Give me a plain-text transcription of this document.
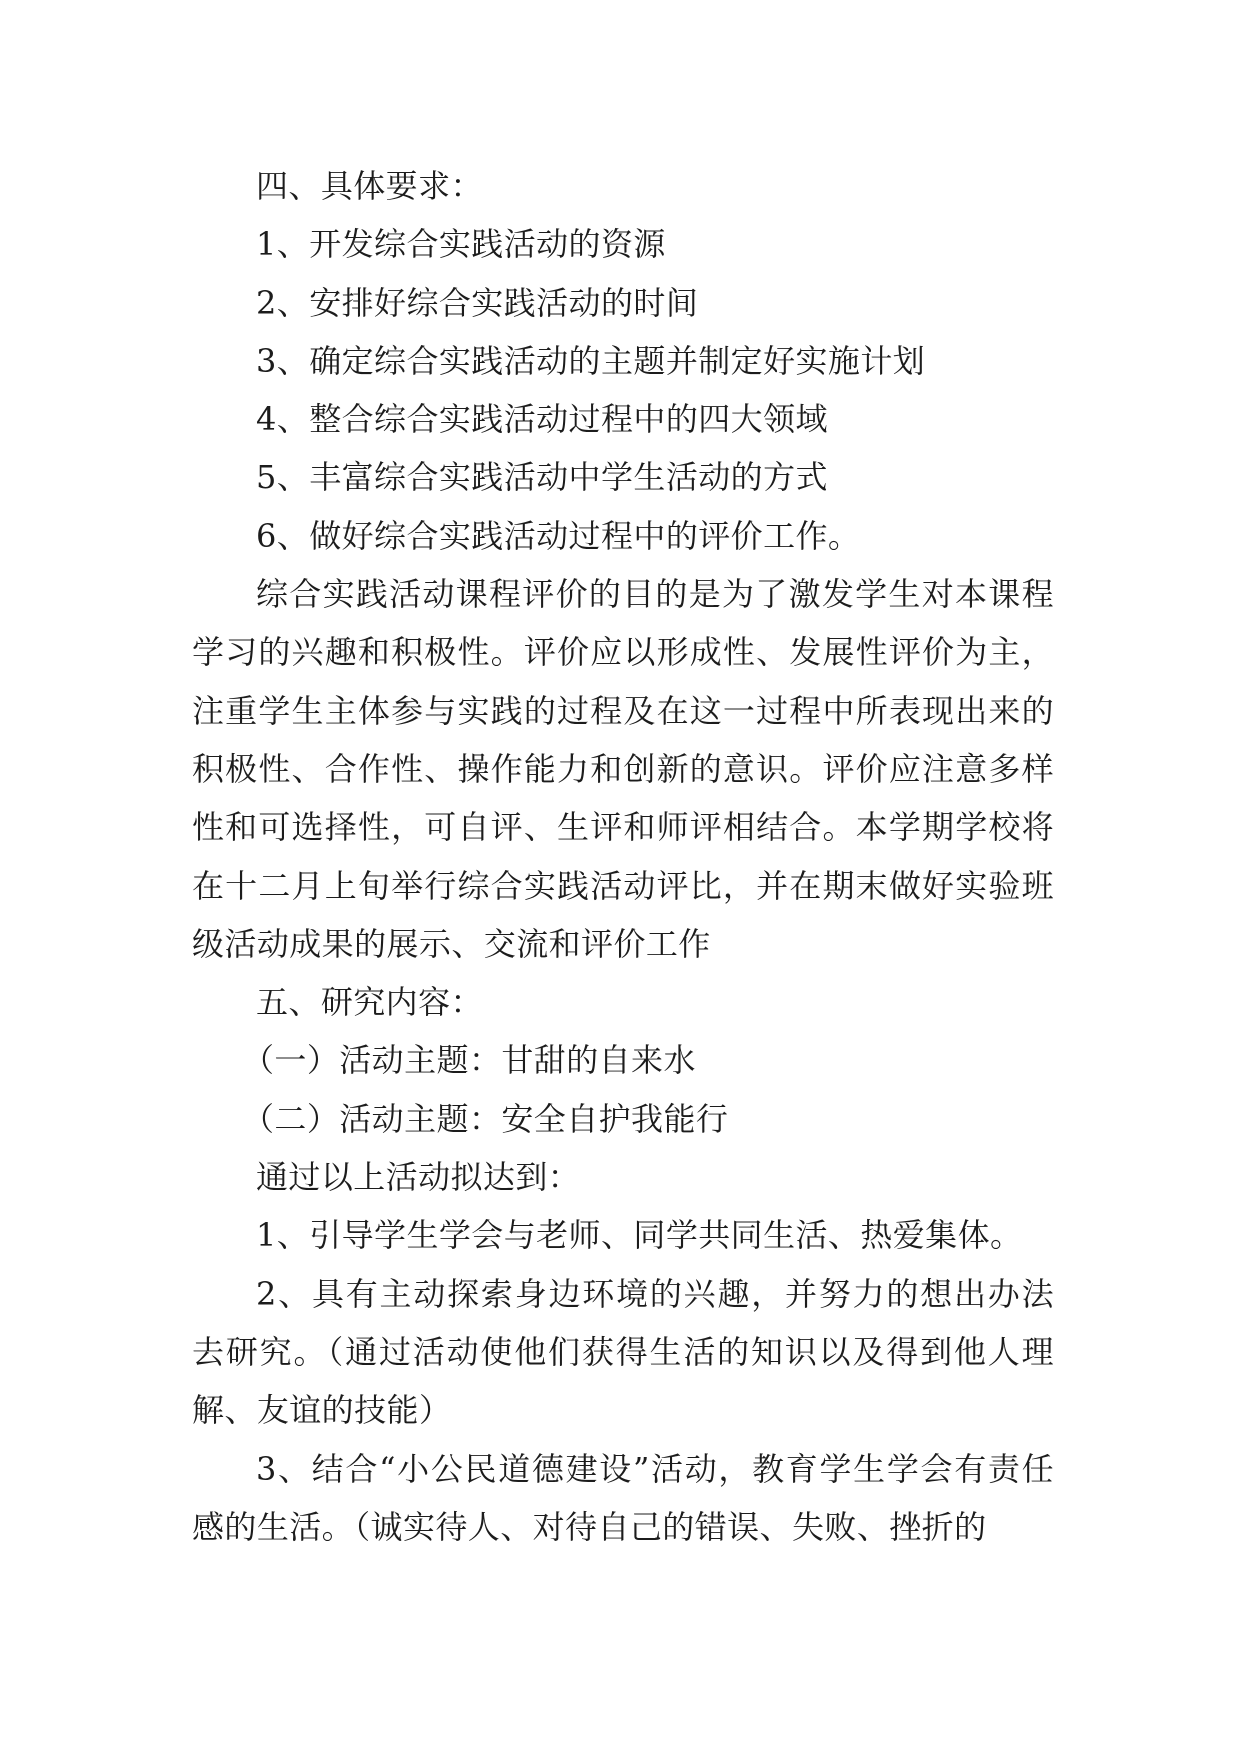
四、具体要求：

1、开发综合实践活动的资源

2、安排好综合实践活动的时间

3、确定综合实践活动的主题并制定好实施计划

4、整合综合实践活动过程中的四大领域

5、丰富综合实践活动中学生活动的方式

6、做好综合实践活动过程中的评价工作。

综合实践活动课程评价的目的是为了激发学生对本课程学习的兴趣和积极性。评价应以形成性、发展性评价为主，注重学生主体参与实践的过程及在这一过程中所表现出来的积极性、合作性、操作能力和创新的意识。评价应注意多样性和可选择性，可自评、生评和师评相结合。本学期学校将在十二月上旬举行综合实践活动评比，并在期末做好实验班级活动成果的展示、交流和评价工作

五、研究内容：

（一）活动主题：甘甜的自来水

（二）活动主题：安全自护我能行

通过以上活动拟达到：

1、引导学生学会与老师、同学共同生活、热爱集体。

2、具有主动探索身边环境的兴趣，并努力的想出办法去研究。（通过活动使他们获得生活的知识以及得到他人理解、友谊的技能）

3、结合“小公民道德建设”活动，教育学生学会有责任感的生活。（诚实待人、对待自己的错误、失败、挫折的
